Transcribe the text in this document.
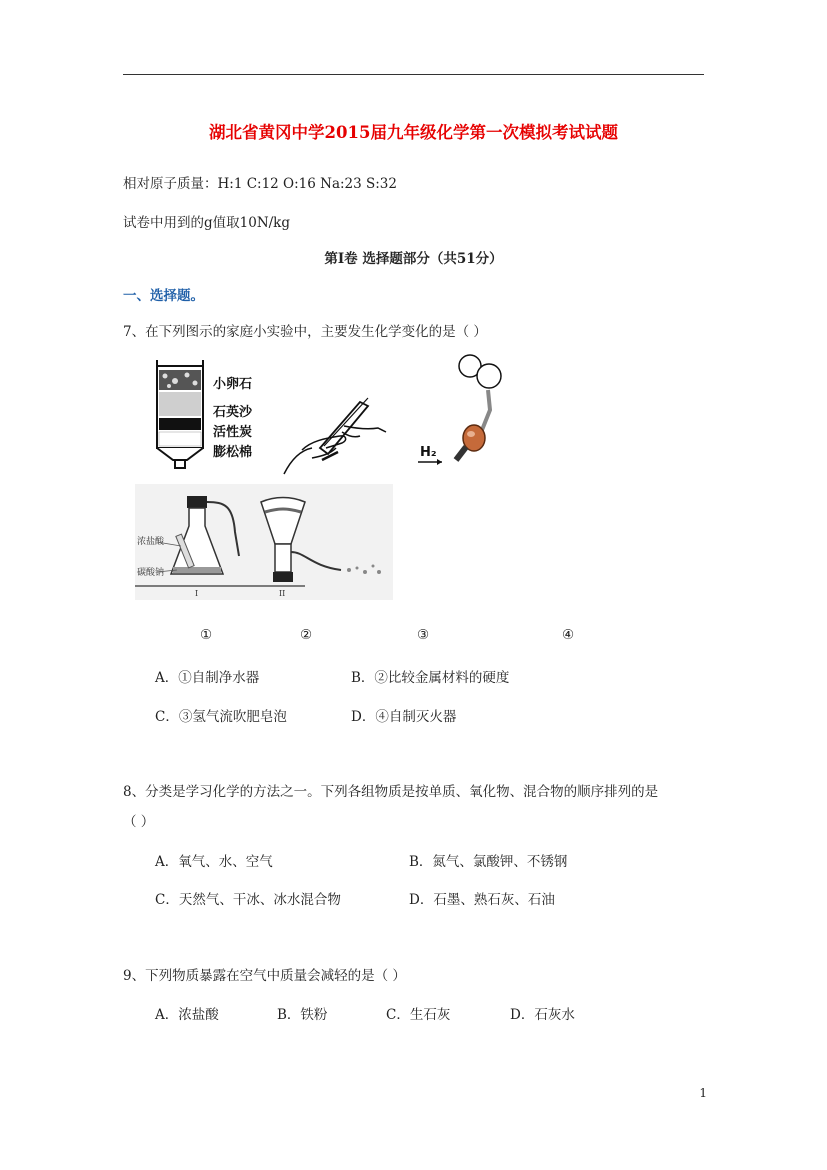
湖北省黄冈中学2015届九年级化学第一次模拟考试试题
相对原子质量：H:1 C:12 O:16 Na:23 S:32
试卷中用到的g值取10N/kg
第Ⅰ卷 选择题部分（共51分）
一、选择题。
7、在下列图示的家庭小实验中，主要发生化学变化的是（ ）
小卵石
石英沙
活性炭
膨松棉	H₂
浓盐酸
碳酸钠
I	II
①	②	③	④
A．①自制净水器	B．②比较金属材料的硬度
C．③氢气流吹肥皂泡	D．④自制灭火器
8、分类是学习化学的方法之一。下列各组物质是按单质、氧化物、混合物的顺序排列的是
（ ）
A．氧气、水、空气	B．氮气、氯酸钾、不锈钢
C．天然气、干冰、冰水混合物	D．石墨、熟石灰、石油
9、下列物质暴露在空气中质量会减轻的是（ ）
A．浓盐酸	B．铁粉	C．生石灰	D．石灰水
1
